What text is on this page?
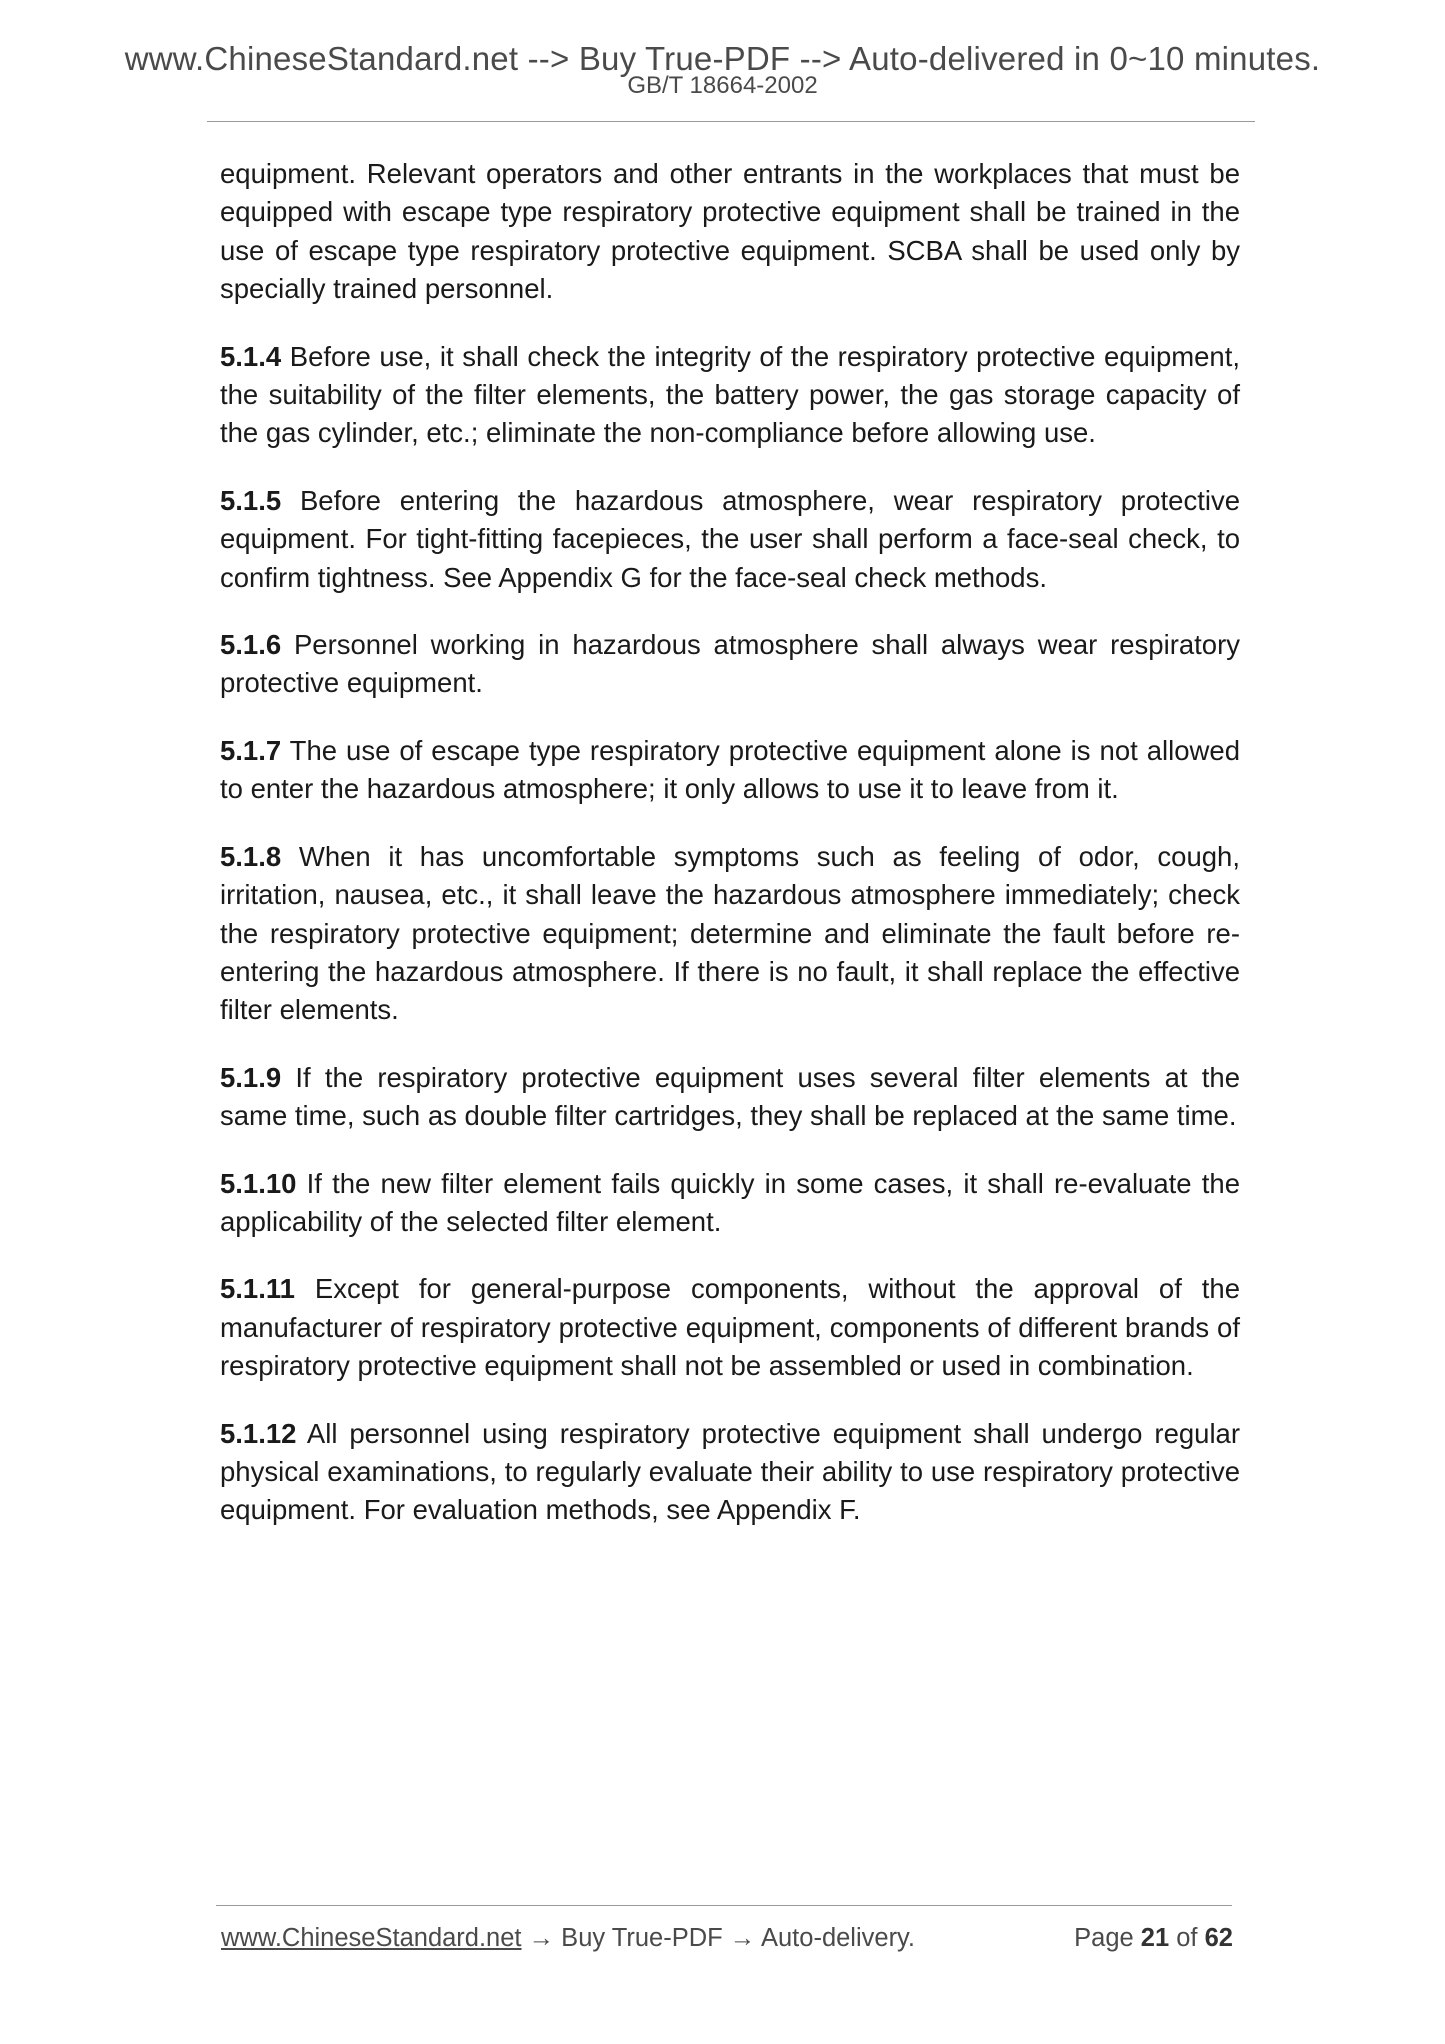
www.ChineseStandard.net --> Buy True-PDF --> Auto-delivered in 0~10 minutes.
GB/T 18664-2002

equipment. Relevant operators and other entrants in the workplaces that must be equipped with escape type respiratory protective equipment shall be trained in the use of escape type respiratory protective equipment. SCBA shall be used only by specially trained personnel.

5.1.4 Before use, it shall check the integrity of the respiratory protective equipment, the suitability of the filter elements, the battery power, the gas storage capacity of the gas cylinder, etc.; eliminate the non-compliance before allowing use.

5.1.5 Before entering the hazardous atmosphere, wear respiratory protective equipment. For tight-fitting facepieces, the user shall perform a face-seal check, to confirm tightness. See Appendix G for the face-seal check methods.

5.1.6 Personnel working in hazardous atmosphere shall always wear respiratory protective equipment.

5.1.7 The use of escape type respiratory protective equipment alone is not allowed to enter the hazardous atmosphere; it only allows to use it to leave from it.

5.1.8 When it has uncomfortable symptoms such as feeling of odor, cough, irritation, nausea, etc., it shall leave the hazardous atmosphere immediately; check the respiratory protective equipment; determine and eliminate the fault before re-entering the hazardous atmosphere. If there is no fault, it shall replace the effective filter elements.

5.1.9 If the respiratory protective equipment uses several filter elements at the same time, such as double filter cartridges, they shall be replaced at the same time.

5.1.10 If the new filter element fails quickly in some cases, it shall re-evaluate the applicability of the selected filter element.

5.1.11 Except for general-purpose components, without the approval of the manufacturer of respiratory protective equipment, components of different brands of respiratory protective equipment shall not be assembled or used in combination.

5.1.12 All personnel using respiratory protective equipment shall undergo regular physical examinations, to regularly evaluate their ability to use respiratory protective equipment. For evaluation methods, see Appendix F.

www.ChineseStandard.net → Buy True-PDF → Auto-delivery.	Page 21 of 62
